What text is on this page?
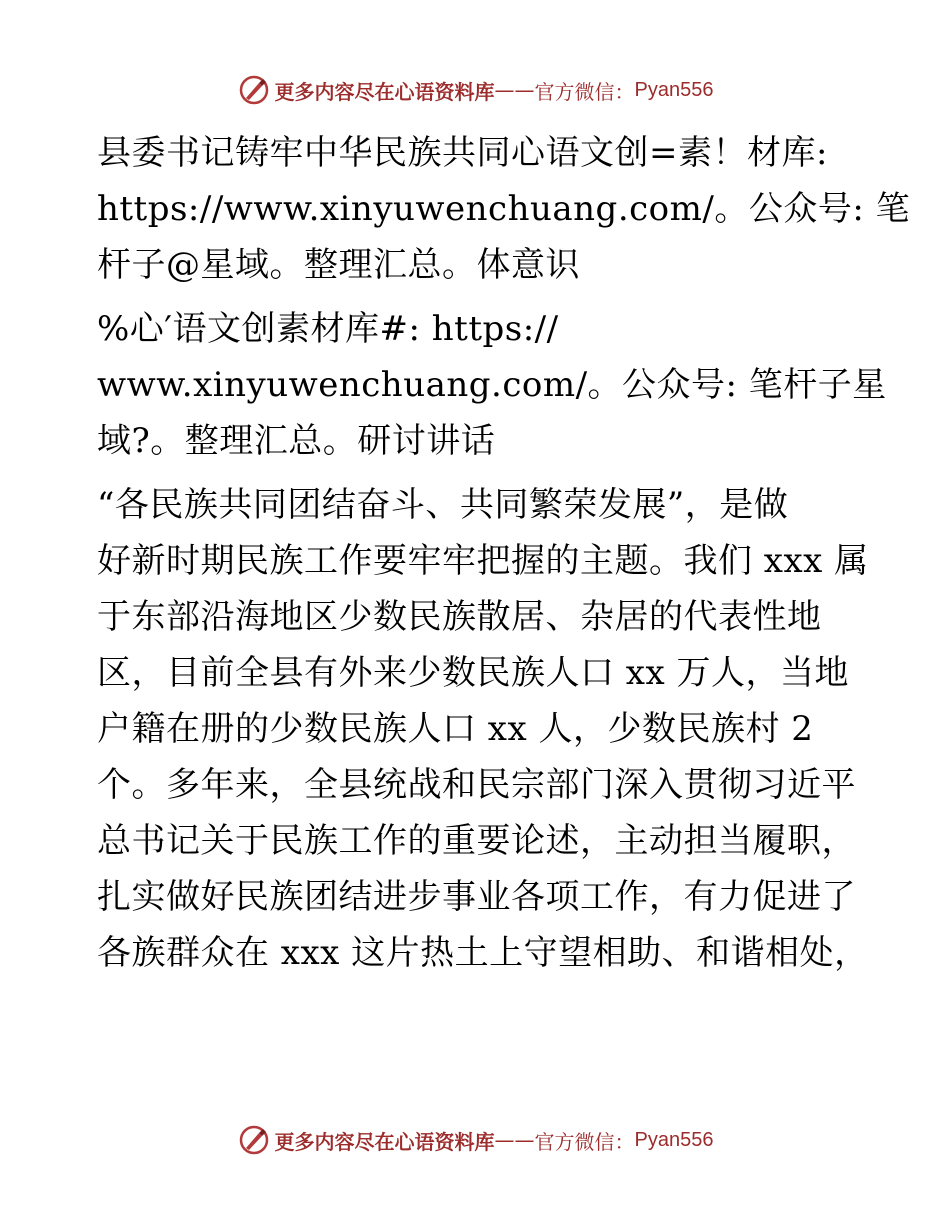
更多内容尽在心语资料库 —— 官方微信： Pyan556
县委书记铸牢中华民族共同心语文创=素！材库:
https://www.xinyuwenchuang.com/。公众号: 笔
杆子@星域。整理汇总。体意识
%心′语文创素材库#: https://
www.xinyuwenchuang.com/。公众号: 笔杆子星
域?。整理汇总。研讨讲话
“各民族共同团结奋斗、共同繁荣发展”，是做
好新时期民族工作要牢牢把握的主题。我们 xxx 属
于东部沿海地区少数民族散居、杂居的代表性地
区，目前全县有外来少数民族人口 xx 万人，当地
户籍在册的少数民族人口 xx 人，少数民族村 2
个。多年来，全县统战和民宗部门深入贯彻习近平
总书记关于民族工作的重要论述，主动担当履职，
扎实做好民族团结进步事业各项工作，有力促进了
各族群众在 xxx 这片热土上守望相助、和谐相处，
更多内容尽在心语资料库 —— 官方微信： Pyan556
